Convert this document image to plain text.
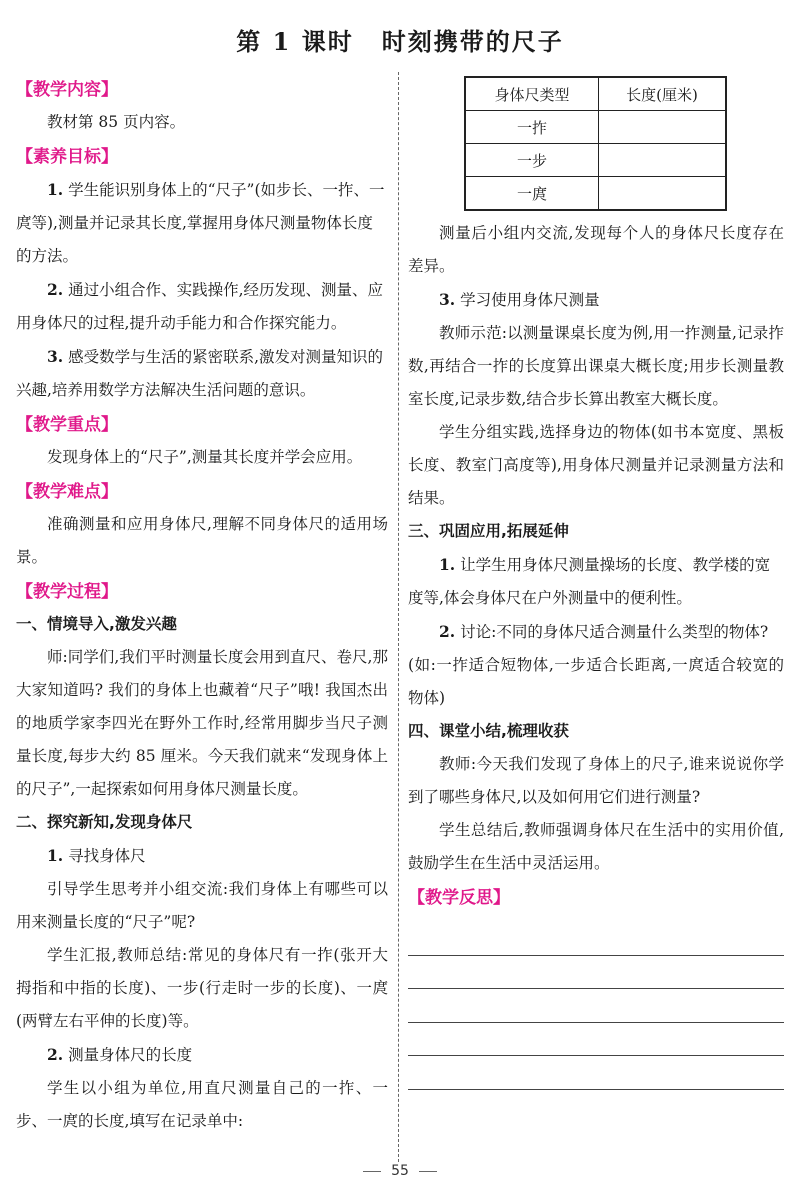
第 1 课时 时刻携带的尺子
【教学内容】

教材第 85 页内容。

【素养目标】

1. 学生能识别身体上的“尺子”(如步长、一拃、一庹等),测量并记录其长度,掌握用身体尺测量物体长度的方法。

2. 通过小组合作、实践操作,经历发现、测量、应用身体尺的过程,提升动手能力和合作探究能力。

3. 感受数学与生活的紧密联系,激发对测量知识的兴趣,培养用数学方法解决生活问题的意识。

【教学重点】

发现身体上的“尺子”,测量其长度并学会应用。

【教学难点】

准确测量和应用身体尺,理解不同身体尺的适用场景。

【教学过程】

一、情境导入,激发兴趣

师:同学们,我们平时测量长度会用到直尺、卷尺,那大家知道吗? 我们的身体上也藏着“尺子”哦! 我国杰出的地质学家李四光在野外工作时,经常用脚步当尺子测量长度,每步大约 85 厘米。今天我们就来“发现身体上的尺子”,一起探索如何用身体尺测量长度。

二、探究新知,发现身体尺

1. 寻找身体尺

引导学生思考并小组交流:我们身体上有哪些可以用来测量长度的“尺子”呢?

学生汇报,教师总结:常见的身体尺有一拃(张开大拇指和中指的长度)、一步(行走时一步的长度)、一庹(两臂左右平伸的长度)等。

2. 测量身体尺的长度

学生以小组为单位,用直尺测量自己的一拃、一步、一庹的长度,填写在记录单中:

身体尺类型	长度(厘米)
一拃	
一步	
一庹	

测量后小组内交流,发现每个人的身体尺长度存在差异。

3. 学习使用身体尺测量

教师示范:以测量课桌长度为例,用一拃测量,记录拃数,再结合一拃的长度算出课桌大概长度;用步长测量教室长度,记录步数,结合步长算出教室大概长度。

学生分组实践,选择身边的物体(如书本宽度、黑板长度、教室门高度等),用身体尺测量并记录测量方法和结果。

三、巩固应用,拓展延伸

1. 让学生用身体尺测量操场的长度、教学楼的宽度等,体会身体尺在户外测量中的便利性。

2. 讨论:不同的身体尺适合测量什么类型的物体?

(如:一拃适合短物体,一步适合长距离,一庹适合较宽的物体)

四、课堂小结,梳理收获

教师:今天我们发现了身体上的尺子,谁来说说你学到了哪些身体尺,以及如何用它们进行测量?

学生总结后,教师强调身体尺在生活中的实用价值,鼓励学生在生活中灵活运用。

【教学反思】
55
